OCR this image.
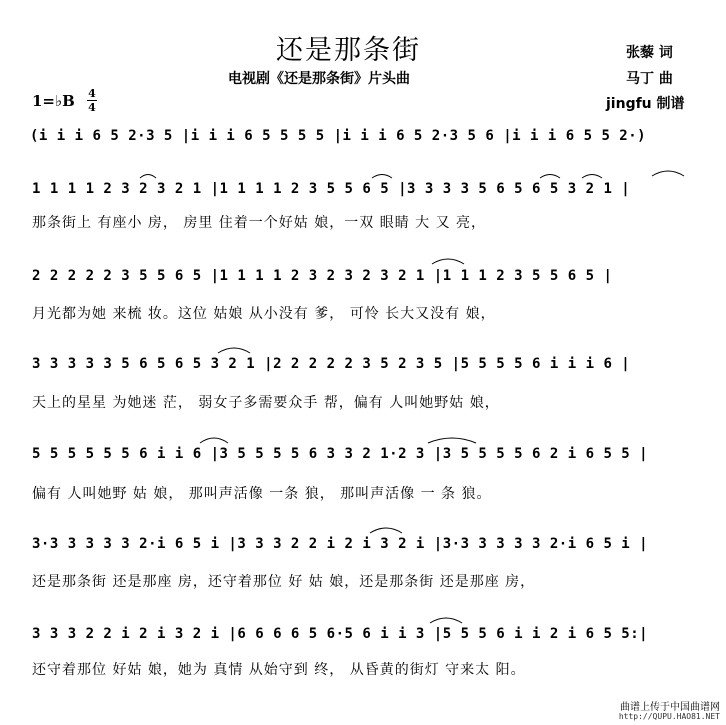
还是那条街
电视剧《还是那条街》片头曲
张藜 词
马丁 曲
jingfu 制谱
1=♭B 4
4
(i i i 6 5 2·3 5 |i i i 6 5 5 5 5 |i i i 6 5 2·3 5 6 |i i i 6 5 5 2·)
1 1 1 1 2 3 2 3 2 1 |1 1 1 1 2 3 5 5 6 5 |3 3 3 3 5 6 5 6 5 3 2 1 |
那条街上 有座小 房， 房里 住着一个好姑 娘，一双 眼睛 大 又 亮，
2 2 2 2 2 3 5 5 6 5 |1 1 1 1 2 3 2 3 2 3 2 1 |1 1 1 2 3 5 5 6 5 |
月光都为她 来梳 妆。这位 姑娘 从小没有 爹， 可怜 长大又没有 娘，
3 3 3 3 3 5 6 5 6 5 3 2 1 |2 2 2 2 2 3 5 2 3 5 |5 5 5 5 6 i i i 6 |
天上的星星 为她迷 茫， 弱女子多需要众手 帮，偏有 人叫她野姑 娘，
5 5 5 5 5 5 6 i i 6 |3 5 5 5 5 6 3 3 2 1·2 3 |3 5 5 5 5 6 2 i 6 5 5 |
偏有 人叫她野 姑 娘， 那叫声活像 一条 狼， 那叫声活像 一 条 狼。
3·3 3 3 3 3 2·i 6 5 i |3 3 3 2 2 i 2 i 3 2 i |3·3 3 3 3 3 2·i 6 5 i |
还是那条街 还是那座 房，还守着那位 好 姑 娘，还是那条街 还是那座 房，
3 3 3 2 2 i 2 i 3 2 i |6 6 6 6 5 6·5 6 i i 3 |5 5 5 6 i i 2 i 6 5 5:|
还守着那位 好姑 娘，她为 真情 从始守到 终， 从昏黄的街灯 守来太 阳。
曲谱上传于中国曲谱网
http://QUPU.HAO81.NET
